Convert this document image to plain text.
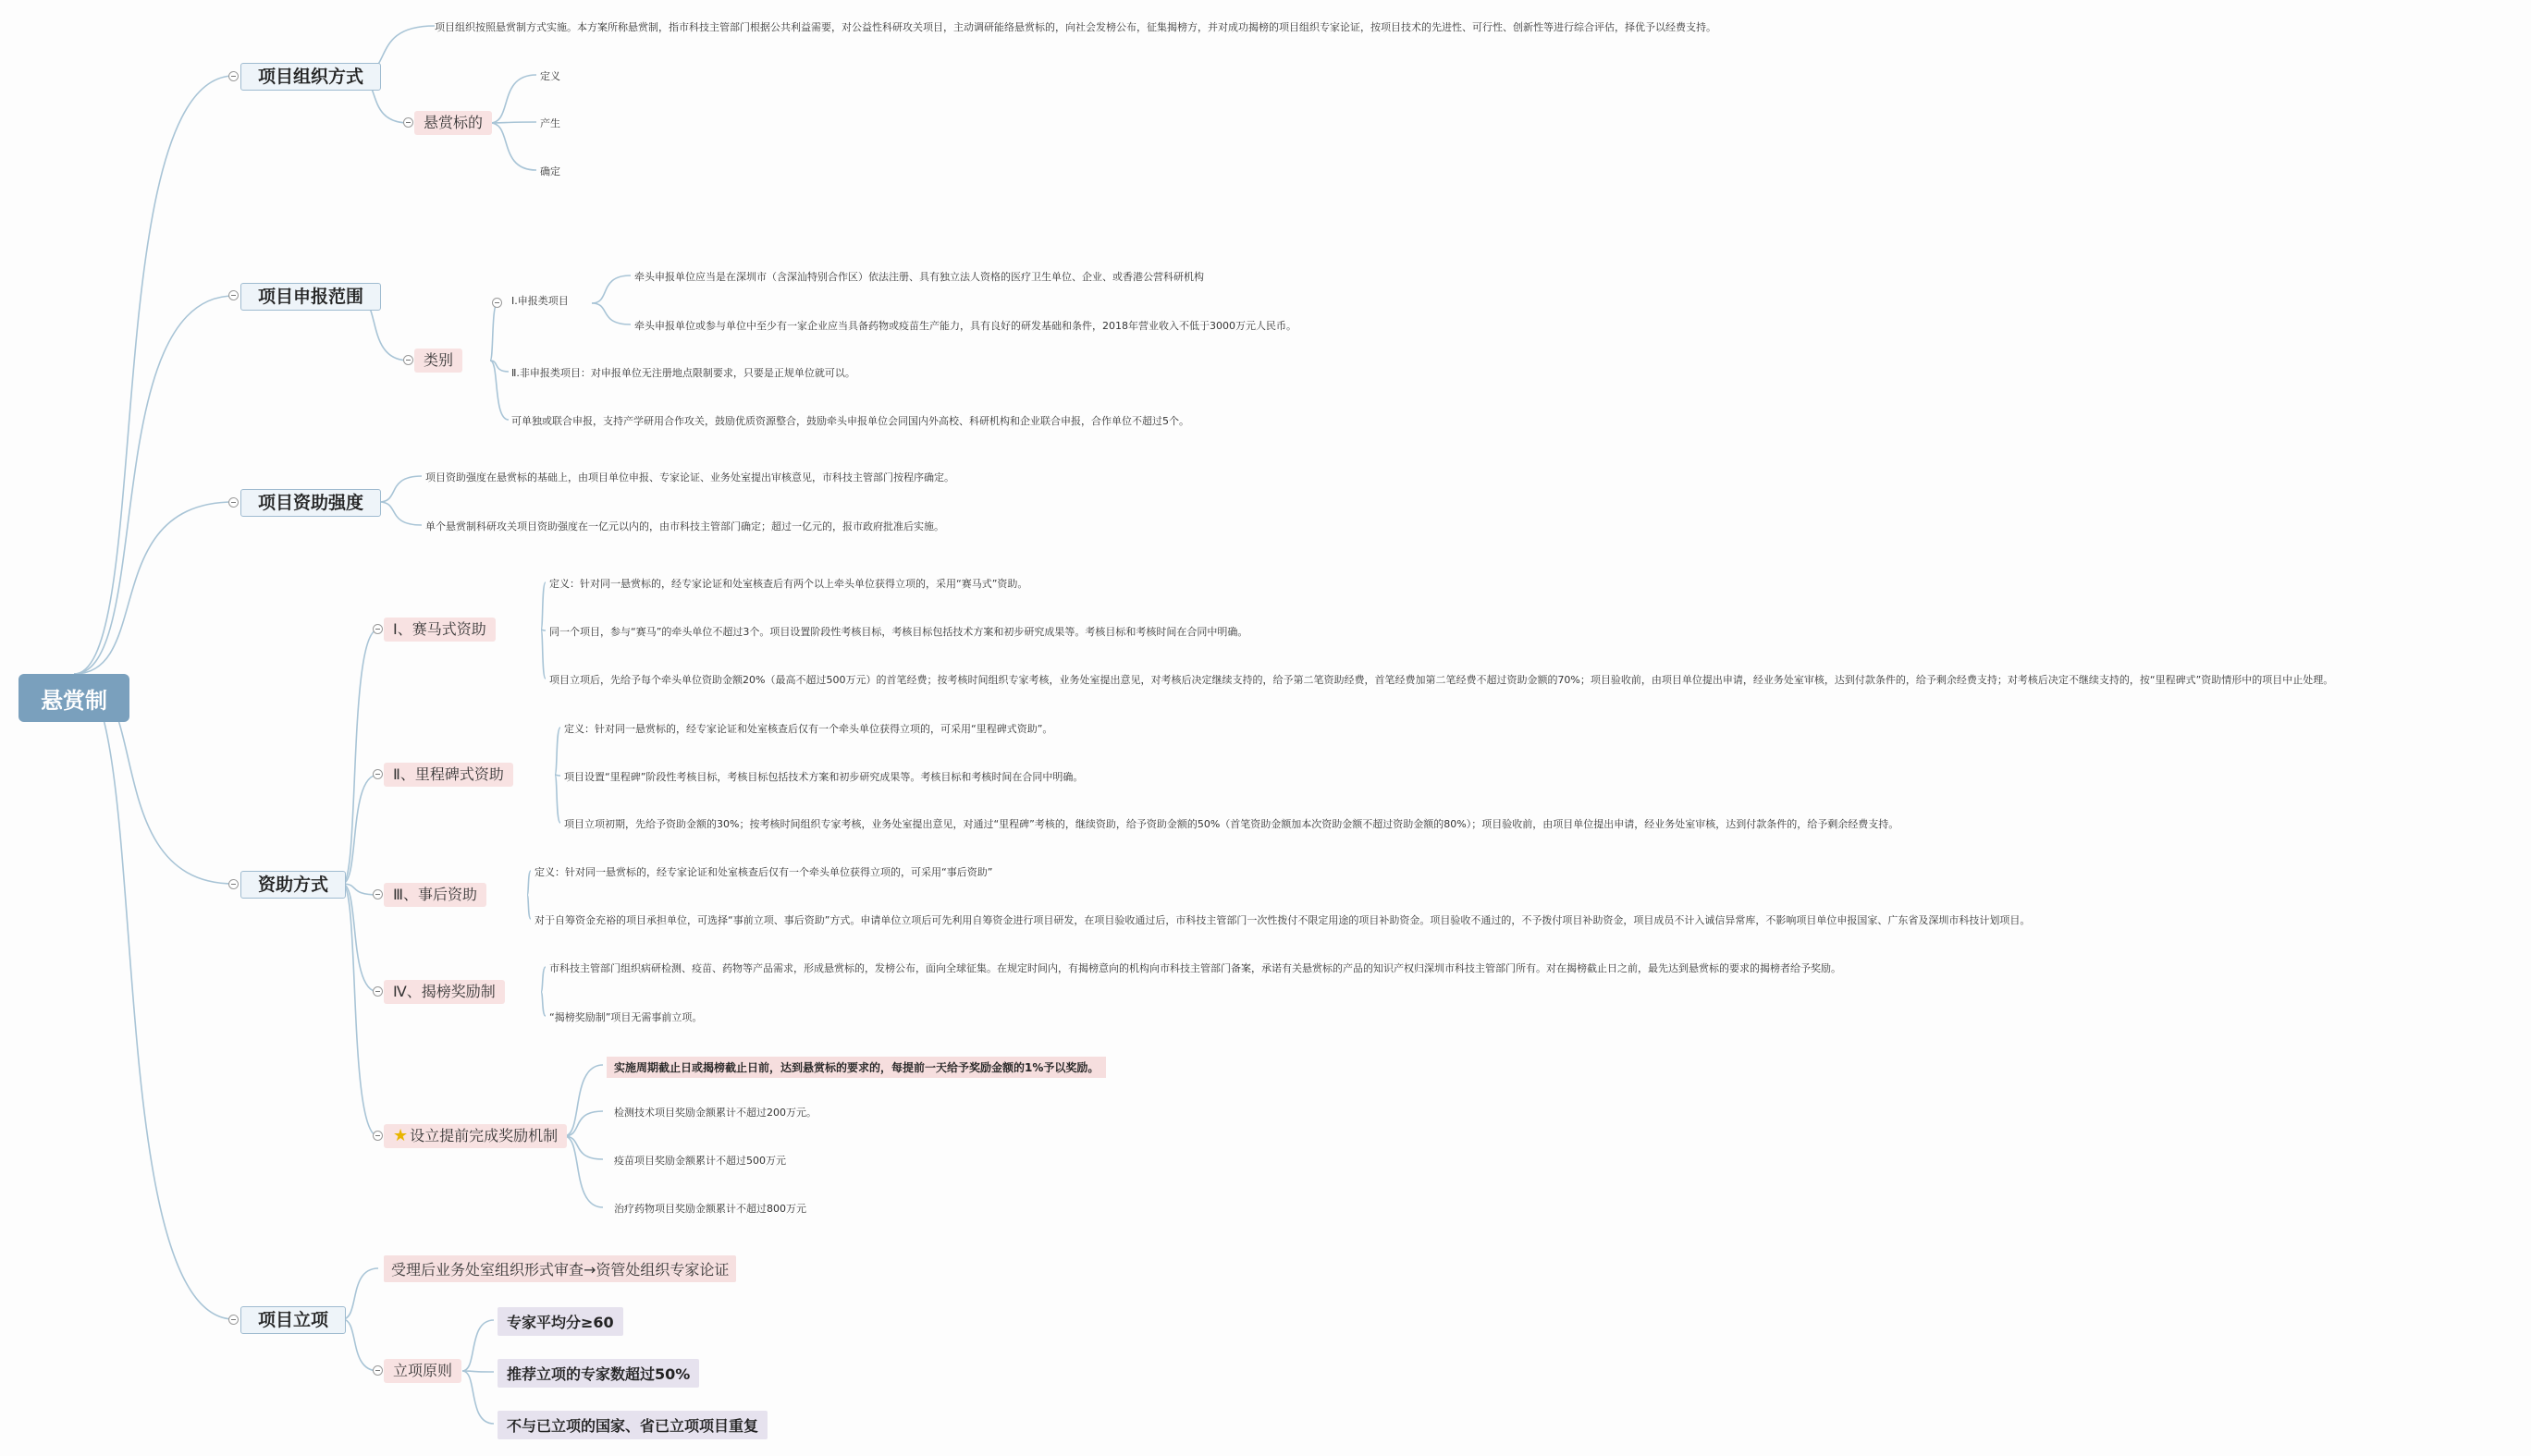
悬赏制
项目组织方式
项目组织按照悬赏制方式实施。本方案所称悬赏制，指市科技主管部门根据公共利益需要，对公益性科研攻关项目，主动调研能络悬赏标的，向社会发榜公布，征集揭榜方，并对成功揭榜的项目组织专家论证，按项目技术的先进性、可行性、创新性等进行综合评估，择优予以经费支持。
悬赏标的
定义
产生
确定
项目申报范围
类别
Ⅰ.申报类项目
牵头申报单位应当是在深圳市（含深汕特别合作区）依法注册、具有独立法人资格的医疗卫生单位、企业、或香港公营科研机构
牵头申报单位或参与单位中至少有一家企业应当具备药物或疫苗生产能力，具有良好的研发基础和条件，2018年营业收入不低于3000万元人民币。
Ⅱ.非申报类项目：对申报单位无注册地点限制要求，只要是正规单位就可以。
可单独或联合申报，支持产学研用合作攻关，鼓励优质资源整合，鼓励牵头申报单位会同国内外高校、科研机构和企业联合申报，合作单位不超过5个。
项目资助强度
项目资助强度在悬赏标的基础上，由项目单位申报、专家论证、业务处室提出审核意见，市科技主管部门按程序确定。
单个悬赏制科研攻关项目资助强度在一亿元以内的，由市科技主管部门确定；超过一亿元的，报市政府批准后实施。
资助方式
Ⅰ、赛马式资助
定义：针对同一悬赏标的，经专家论证和处室核查后有两个以上牵头单位获得立项的，采用“赛马式”资助。
同一个项目，参与“赛马”的牵头单位不超过3个。项目设置阶段性考核目标，考核目标包括技术方案和初步研究成果等。考核目标和考核时间在合同中明确。
项目立项后，先给予每个牵头单位资助金额20%（最高不超过500万元）的首笔经费；按考核时间组织专家考核，业务处室提出意见，对考核后决定继续支持的，给予第二笔资助经费，首笔经费加第二笔经费不超过资助金额的70%；项目验收前，由项目单位提出申请，经业务处室审核，达到付款条件的，给予剩余经费支持；对考核后决定不继续支持的，按“里程碑式”资助情形中的项目中止处理。
Ⅱ、里程碑式资助
定义：针对同一悬赏标的，经专家论证和处室核查后仅有一个牵头单位获得立项的，可采用“里程碑式资助”。
项目设置“里程碑”阶段性考核目标，考核目标包括技术方案和初步研究成果等。考核目标和考核时间在合同中明确。
项目立项初期，先给予资助金额的30%；按考核时间组织专家考核，业务处室提出意见，对通过“里程碑”考核的，继续资助，给予资助金额的50%（首笔资助金额加本次资助金额不超过资助金额的80%）；项目验收前，由项目单位提出申请，经业务处室审核，达到付款条件的，给予剩余经费支持。
Ⅲ、事后资助
定义：针对同一悬赏标的，经专家论证和处室核查后仅有一个牵头单位获得立项的，可采用“事后资助”
对于自筹资金充裕的项目承担单位，可选择“事前立项、事后资助”方式。申请单位立项后可先利用自筹资金进行项目研发，在项目验收通过后，市科技主管部门一次性拨付不限定用途的项目补助资金。项目验收不通过的，不予拨付项目补助资金，项目成员不计入诚信异常库，不影响项目单位申报国家、广东省及深圳市科技计划项目。
Ⅳ、揭榜奖励制
市科技主管部门组织病研检测、疫苗、药物等产品需求，形成悬赏标的，发榜公布，面向全球征集。在规定时间内，有揭榜意向的机构向市科技主管部门备案，承诺有关悬赏标的产品的知识产权归深圳市科技主管部门所有。对在揭榜截止日之前，最先达到悬赏标的要求的揭榜者给予奖励。
“揭榜奖励制”项目无需事前立项。
★ 设立提前完成奖励机制
实施周期截止日或揭榜截止日前，达到悬赏标的要求的，每提前一天给予奖励金额的1%予以奖励。
检测技术项目奖励金额累计不超过200万元。
疫苗项目奖励金额累计不超过500万元
治疗药物项目奖励金额累计不超过800万元
项目立项
受理后业务处室组织形式审查→资管处组织专家论证
立项原则
专家平均分≥60
推荐立项的专家数超过50%
不与已立项的国家、省已立项项目重复
